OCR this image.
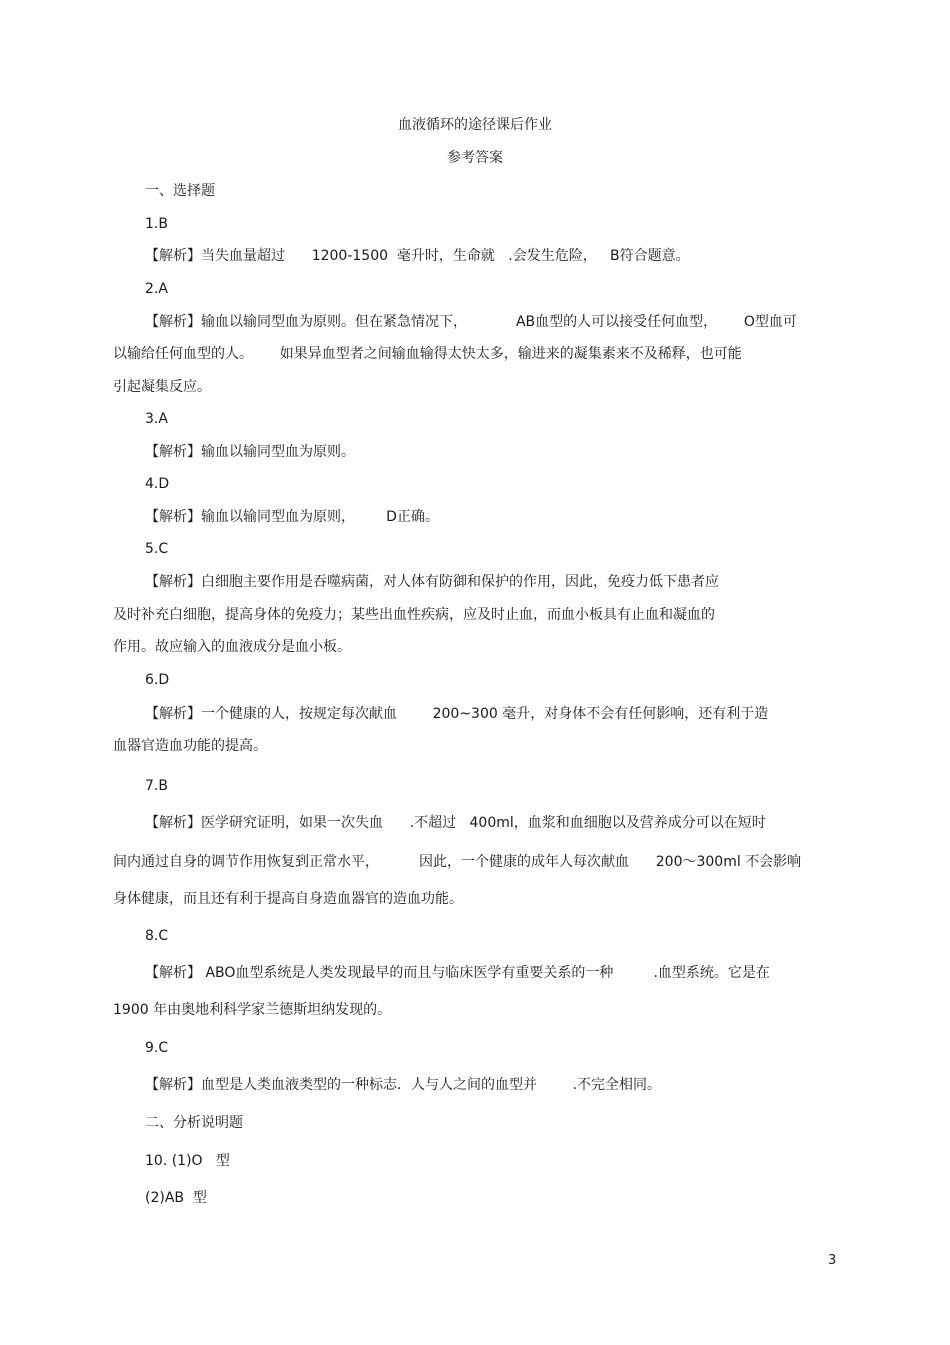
血液循环的途径课后作业
参考答案
一、选择题
1.B
【解析】当失血量超过      1200-1500  毫升时，生命就   .会发生危险，   B符合题意。
2.A
【解析】输血以输同型血为原则。但在紧急情况下，           AB血型的人可以接受任何血型，      O型血可
以输给任何血型的人。      如果异血型者之间输血输得太快太多，输进来的凝集素来不及稀释，也可能
引起凝集反应。
3.A
【解析】输血以输同型血为原则。
4.D
【解析】输血以输同型血为原则，       D正确。
5.C
【解析】白细胞主要作用是吞噬病菌，对人体有防御和保护的作用，因此，免疫力低下患者应
及时补充白细胞，提高身体的免疫力；某些出血性疾病，应及时止血，而血小板具有止血和凝血的
作用。故应输入的血液成分是血小板。
6.D
【解析】一个健康的人，按规定每次献血        200~300 毫升，对身体不会有任何影响，还有利于造
血器官造血功能的提高。
7.B
【解析】医学研究证明，如果一次失血      .不超过   400ml，血浆和血细胞以及营养成分可以在短时
间内通过自身的调节作用恢复到正常水平，         因此，一个健康的成年人每次献血      200～300ml 不会影响
身体健康，而且还有利于提高自身造血器官的造血功能。
8.C
【解析】 ABO血型系统是人类发现最早的而且与临床医学有重要关系的一种         .血型系统。它是在
1900 年由奥地利科学家兰德斯坦纳发现的。
9.C
【解析】血型是人类血液类型的一种标志．人与人之间的血型并        .不完全相同。
二、分析说明题
10. (1)O   型
(2)AB  型
3
